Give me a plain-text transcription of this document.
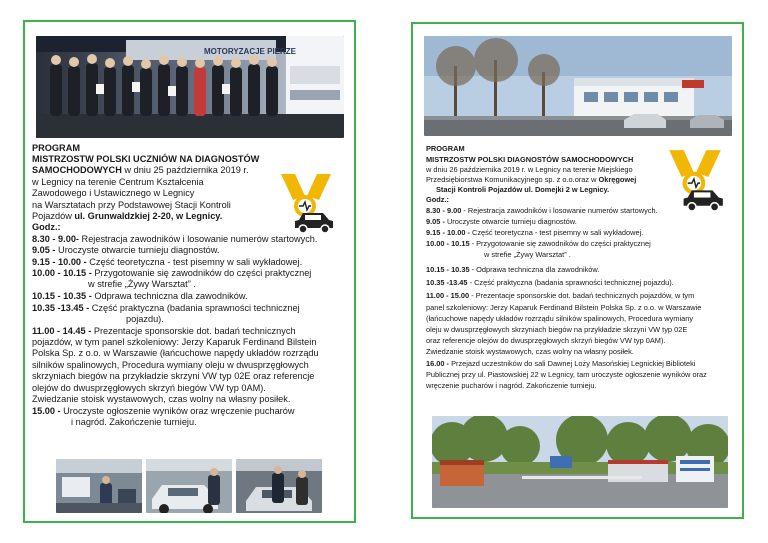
MOTORYZACJE PIERZE
PROGRAM
MISTRZOSTW POLSKI UCZNIÓW NA DIAGNOSTÓW
SAMOCHODOWYCH w dniu 25 października 2019 r.
w Legnicy na terenie Centrum Kształcenia
Zawodowego i Ustawicznego w Legnicy
na Warsztatach przy Podstawowej Stacji Kontroli
Pojazdów ul. Grunwaldzkiej 2-20, w Legnicy.
Godz.:
8.30 - 9.00- Rejestracja zawodników i losowanie numerów startowych.
9.05 - Uroczyste otwarcie turnieju diagnostów.
9.15 - 10.00 - Część teoretyczna - test pisemny w sali wykładowej.
10.00 - 10.15 - Przygotowanie się zawodników do części praktycznej
w strefie „Żywy Warsztat” .
10.15 - 10.35 - Odprawa techniczna dla zawodników.
10.35 -13.45 - Część praktyczna (badania sprawności technicznej
pojazdu).
11.00 - 14.45 - Prezentacje sponsorskie dot. badań technicznych
pojazdów, w tym panel szkoleniowy: Jerzy Kaparuk Ferdinand Bilstein
Polska Sp. z o.o. w Warszawie (łańcuchowe napędy układów rozrządu
silników spalinowych, Procedura wymiany oleju w dwusprzęgłowych
skrzyniach biegów na przykładzie skrzyni VW typ 02E oraz referencje
olejów do dwusprzęgłowych skrzyń biegów VW typ 0AM).
Zwiedzanie stoisk wystawowych, czas wolny na własny posiłek.
15.00 - Uroczyste ogłoszenie wyników oraz wręczenie pucharów
i nagród. Zakończenie turnieju.
PROGRAM
MISTRZOSTW POLSKI DIAGNOSTÓW SAMOCHODOWYCH
w dniu 26 października 2019 r. w Legnicy na terenie Miejskiego
Przedsiębiorstwa Komunikacyjnego sp. z o.o.oraz w Okręgowej
Stacji Kontroli Pojazdów ul. Domejki 2 w Legnicy.
Godz.:
8.30 - 9.00 - Rejestracja zawodników i losowanie numerów startowych.
9.05 - Uroczyste otwarcie turnieju diagnostów.
9.15 - 10.00 - Część teoretyczna - test pisemny w sali wykładowej.
10.00 - 10.15 - Przygotowanie się zawodników do części praktycznej
w strefie „Żywy Warsztat” .
10.15 - 10.35 - Odprawa techniczna dla zawodników.
10.35 -13.45 - Część praktyczna (badania sprawności technicznej pojazdu).
11.00 - 15.00 - Prezentacje sponsorskie dot. badań technicznych pojazdów, w tym
panel szkoleniowy: Jerzy Kaparuk Ferdinand Bilstein Polska Sp. z o.o. w Warszawie
(łańcuchowe napędy układów rozrządu silników spalinowych, Procedura wymiany
oleju w dwusprzęgłowych skrzyniach biegów na przykładzie skrzyni VW typ 02E
oraz referencje olejów do dwusprzęgłowych skrzyń biegów VW typ 0AM).
Zwiedzanie stoisk wystawowych, czas wolny na własny posiłek.
16.00 - Przejazd uczestników do sali Dawnej Loży Masońskiej Legnickiej Biblioteki
Publicznej przy ul. Piastowskiej 22 w Legnicy, tam uroczyste ogłoszenie wyników oraz
wręczenie pucharów i nagród. Zakończenie turnieju.
